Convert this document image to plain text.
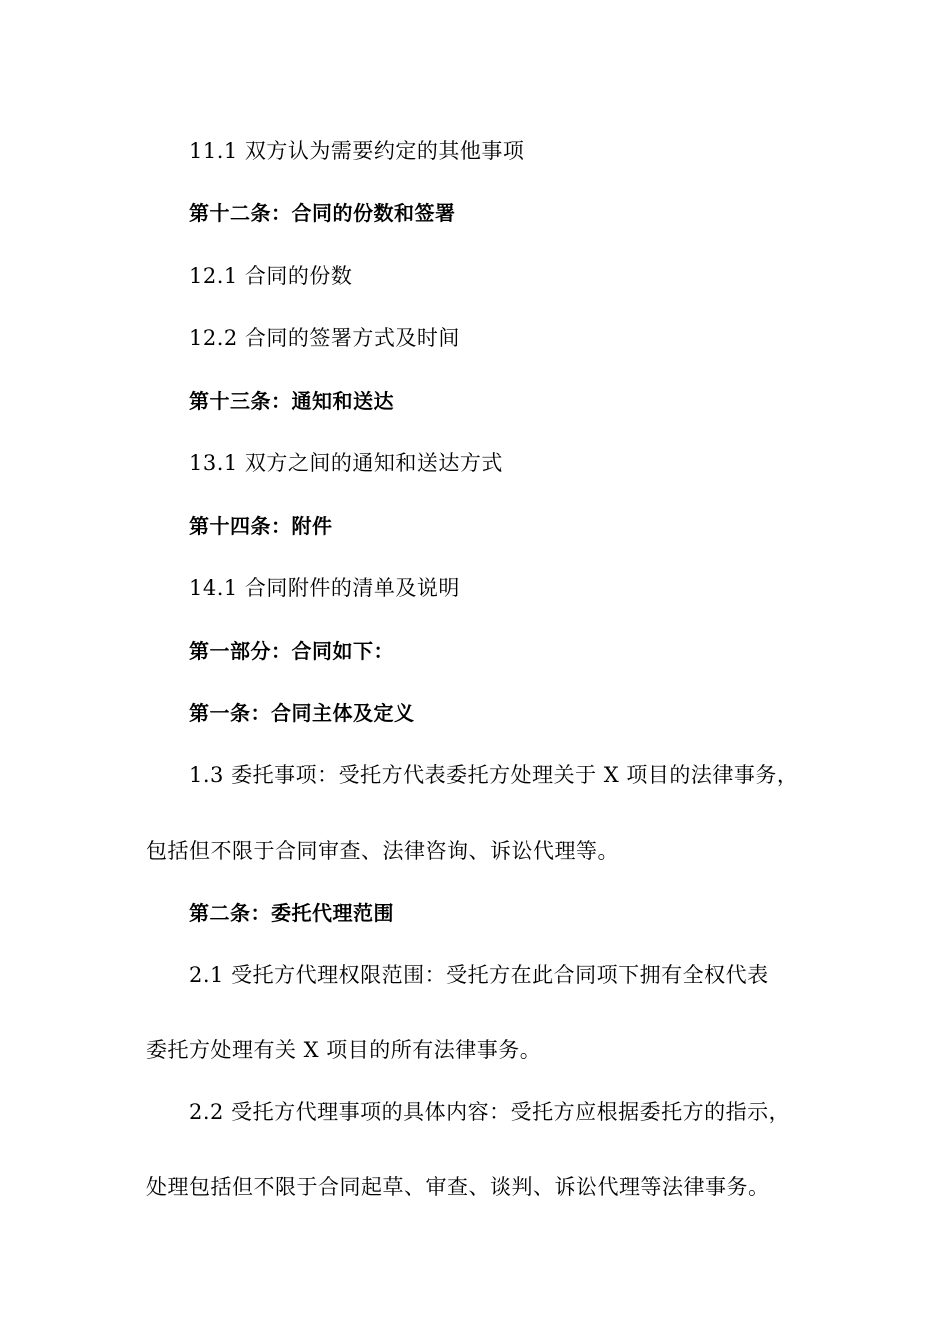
11.1 双方认为需要约定的其他事项
第十二条：合同的份数和签署
12.1 合同的份数
12.2 合同的签署方式及时间
第十三条：通知和送达
13.1 双方之间的通知和送达方式
第十四条：附件
14.1 合同附件的清单及说明
第一部分：合同如下：
第一条：合同主体及定义
1.3 委托事项：受托方代表委托方处理关于 X 项目的法律事务，
包括但不限于合同审查、法律咨询、诉讼代理等。
第二条：委托代理范围
2.1 受托方代理权限范围：受托方在此合同项下拥有全权代表
委托方处理有关 X 项目的所有法律事务。
2.2 受托方代理事项的具体内容：受托方应根据委托方的指示，
处理包括但不限于合同起草、审查、谈判、诉讼代理等法律事务。
